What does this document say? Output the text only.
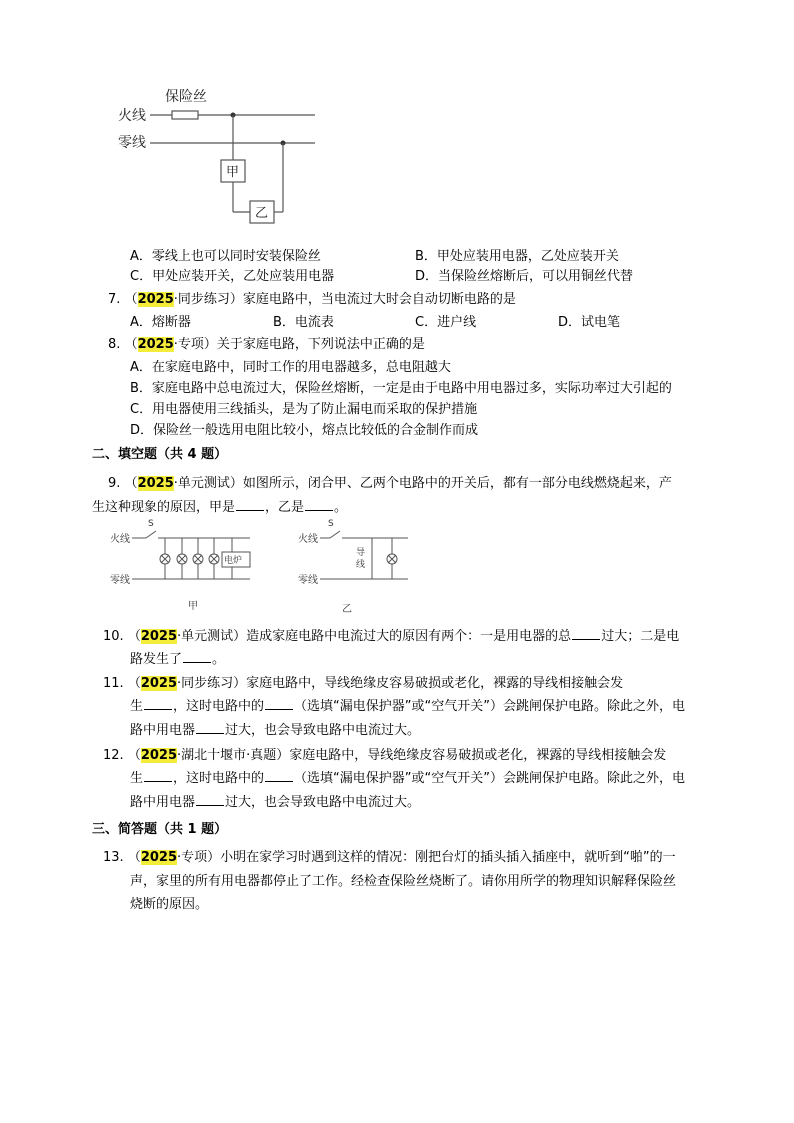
火线
零线
保险丝
甲
乙
A．零线上也可以同时安装保险丝	B．甲处应装用电器，乙处应装开关
C．甲处应装开关，乙处应装用电器	D．当保险丝熔断后，可以用铜丝代替
7. （2025·同步练习）家庭电路中，当电流过大时会自动切断电路的是
A．熔断器	B．电流表	C．进户线	D．试电笔
8. （2025·专项）关于家庭电路，下列说法中正确的是
A．在家庭电路中，同时工作的用电器越多，总电阻越大
B．家庭电路中总电流过大，保险丝熔断，一定是由于电路中用电器过多，实际功率过大引起的
C．用电器使用三线插头，是为了防止漏电而采取的保护措施
D．保险丝一般选用电阻比较小，熔点比较低的合金制作而成
二、填空题（共 4 题）
9. （2025·单元测试）如图所示，闭合甲、乙两个电路中的开关后，都有一部分电线燃烧起来，产
生这种现象的原因，甲是 ，乙是 。
S
火线
零线
电炉
甲
S
火线
零线
导
线
乙
10. （2025·单元测试）造成家庭电路中电流过大的原因有两个：一是用电器的总 过大；二是电
路发生了 。
11. （2025·同步练习）家庭电路中，导线绝缘皮容易破损或老化，裸露的导线相接触会发
生 ，这时电路中的 （选填“漏电保护器”或“空气开关”）会跳闸保护电路。除此之外，电
路中用电器 过大，也会导致电路中电流过大。
12. （2025·湖北十堰市·真题）家庭电路中，导线绝缘皮容易破损或老化，裸露的导线相接触会发
生 ，这时电路中的 （选填“漏电保护器”或“空气开关”）会跳闸保护电路。除此之外，电
路中用电器 过大，也会导致电路中电流过大。
三、简答题（共 1 题）
13. （2025·专项）小明在家学习时遇到这样的情况：刚把台灯的插头插入插座中，就听到“啪”的一
声，家里的所有用电器都停止了工作。经检查保险丝烧断了。请你用所学的物理知识解释保险丝
烧断的原因。
